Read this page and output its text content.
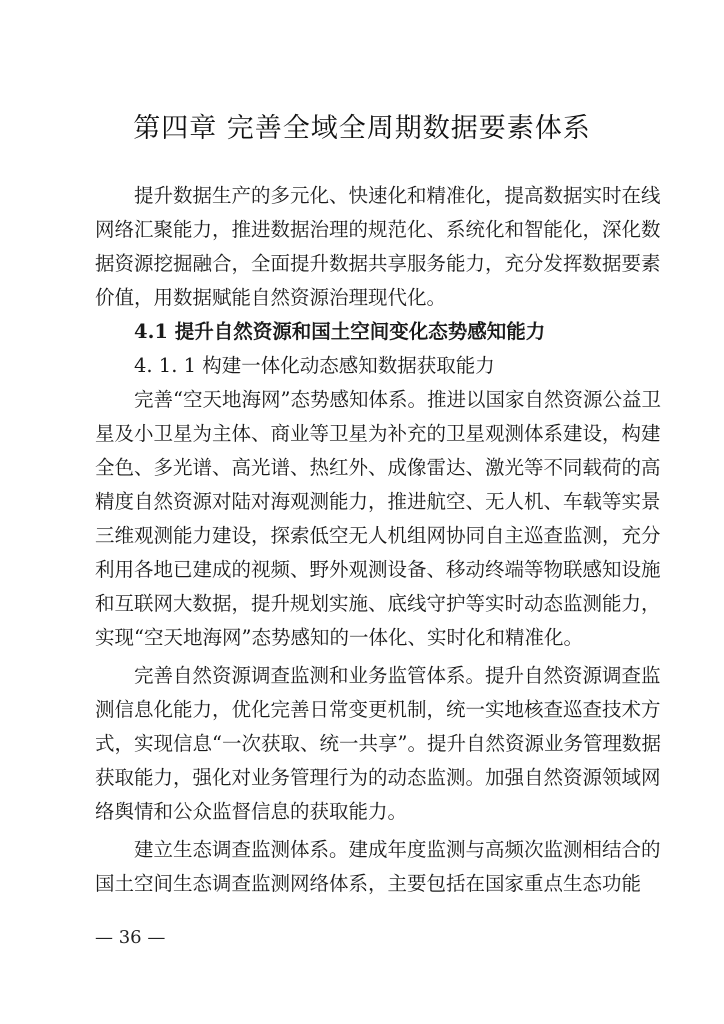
第四章 完善全域全周期数据要素体系
提升数据生产的多元化、快速化和精准化，提高数据实时在线
网络汇聚能力，推进数据治理的规范化、系统化和智能化，深化数
据资源挖掘融合，全面提升数据共享服务能力，充分发挥数据要素
价值，用数据赋能自然资源治理现代化。
4.1 提升自然资源和国土空间变化态势感知能力
4. 1. 1 构建一体化动态感知数据获取能力
完善“空天地海网”态势感知体系。推进以国家自然资源公益卫
星及小卫星为主体、商业等卫星为补充的卫星观测体系建设，构建
全色、多光谱、高光谱、热红外、成像雷达、激光等不同载荷的高
精度自然资源对陆对海观测能力，推进航空、无人机、车载等实景
三维观测能力建设，探索低空无人机组网协同自主巡查监测，充分
利用各地已建成的视频、野外观测设备、移动终端等物联感知设施
和互联网大数据，提升规划实施、底线守护等实时动态监测能力，
实现“空天地海网”态势感知的一体化、实时化和精准化。
完善自然资源调查监测和业务监管体系。提升自然资源调查监
测信息化能力，优化完善日常变更机制，统一实地核查巡查技术方
式，实现信息“一次获取、统一共享”。提升自然资源业务管理数据
获取能力，强化对业务管理行为的动态监测。加强自然资源领域网
络舆情和公众监督信息的获取能力。
建立生态调查监测体系。建成年度监测与高频次监测相结合的
国土空间生态调查监测网络体系，主要包括在国家重点生态功能
— 36 —
